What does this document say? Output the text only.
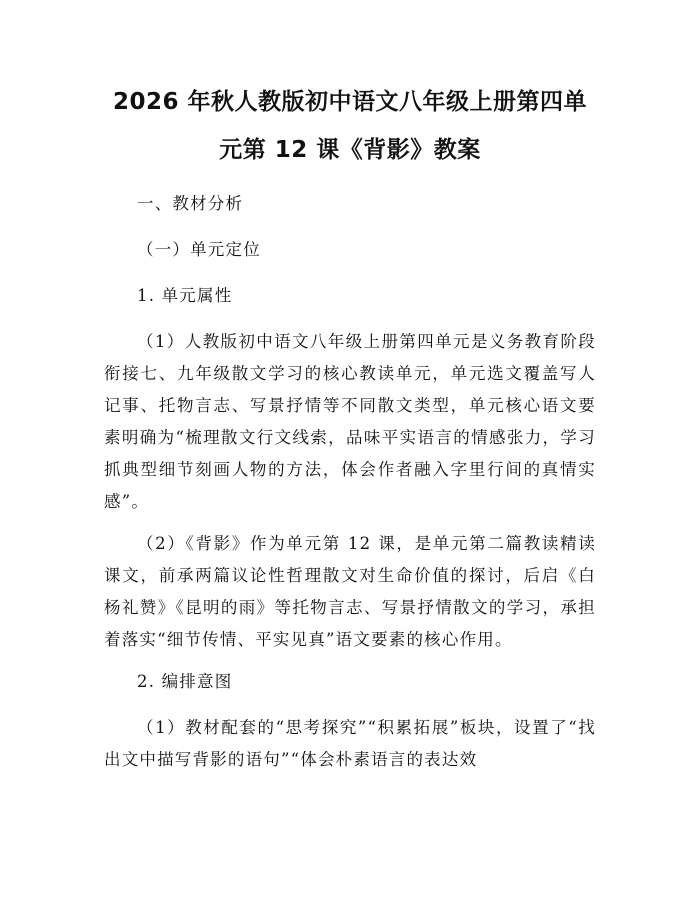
2026 年秋人教版初中语文八年级上册第四单
元第 12 课《背影》教案
一、教材分析
（一）单元定位
1. 单元属性

（1）人教版初中语文八年级上册第四单元是义务教育阶段衔接七、九年级散文学习的核心教读单元，单元选文覆盖写人记事、托物言志、写景抒情等不同散文类型，单元核心语文要素明确为“梳理散文行文线索，品味平实语言的情感张力，学习抓典型细节刻画人物的方法，体会作者融入字里行间的真情实感”。

（2）《背影》作为单元第 12 课，是单元第二篇教读精读课文，前承两篇议论性哲理散文对生命价值的探讨，后启《白杨礼赞》《昆明的雨》等托物言志、写景抒情散文的学习，承担着落实“细节传情、平实见真”语文要素的核心作用。

2. 编排意图

（1）教材配套的“思考探究”“积累拓展”板块，设置了“找出文中描写背影的语句”“体会朴素语言的表达效
